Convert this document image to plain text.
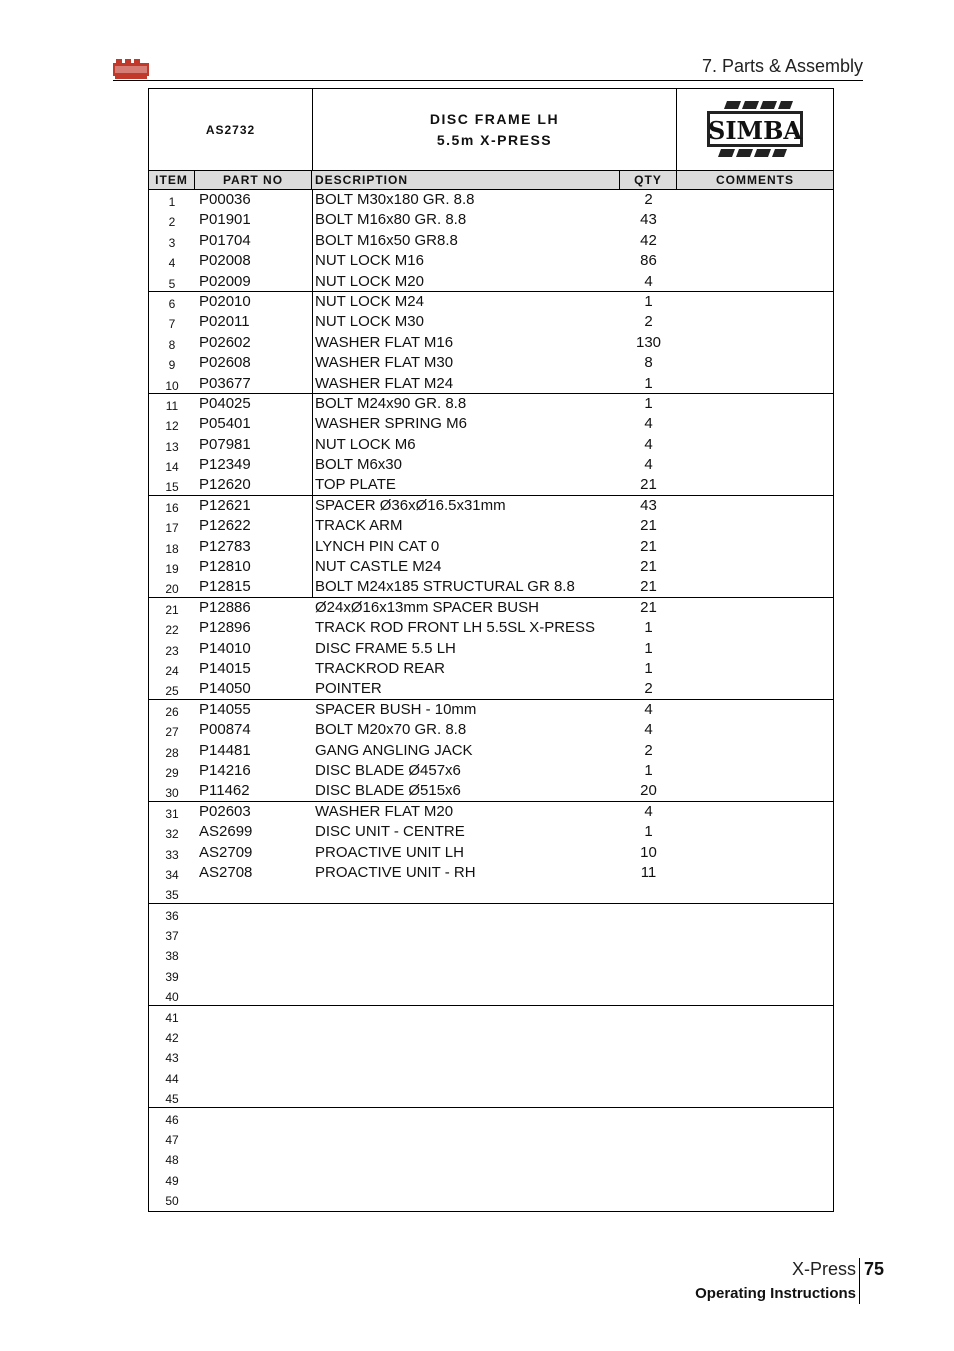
7. Parts & Assembly
AS2732
DISC FRAME LH
5.5m X-PRESS	SIMBA
ITEM	PART NO	DESCRIPTION	QTY	COMMENTS
1	P00036	BOLT M30x180 GR. 8.8	2
2	P01901	BOLT M16x80 GR. 8.8	43
3	P01704	BOLT M16x50 GR8.8	42
4	P02008	NUT LOCK M16	86
5	P02009	NUT LOCK M20	4
6	P02010	NUT LOCK M24	1
7	P02011	NUT LOCK M30	2
8	P02602	WASHER FLAT M16	130
9	P02608	WASHER FLAT M30	8
10	P03677	WASHER FLAT M24	1
11	P04025	BOLT M24x90 GR. 8.8	1
12	P05401	WASHER SPRING M6	4
13	P07981	NUT LOCK M6	4
14	P12349	BOLT M6x30	4
15	P12620	TOP PLATE	21
16	P12621	SPACER Ø36xØ16.5x31mm	43
17	P12622	TRACK ARM	21
18	P12783	LYNCH PIN CAT 0	21
19	P12810	NUT CASTLE M24	21
20	P12815	BOLT M24x185 STRUCTURAL GR 8.8	21
21	P12886	Ø24xØ16x13mm SPACER BUSH	21
22	P12896	TRACK ROD FRONT LH 5.5SL X-PRESS	1
23	P14010	DISC FRAME 5.5 LH	1
24	P14015	TRACKROD REAR	1
25	P14050	POINTER	2
26	P14055	SPACER BUSH - 10mm	4
27	P00874	BOLT M20x70 GR. 8.8	4
28	P14481	GANG ANGLING JACK	2
29	P14216	DISC BLADE Ø457x6	1
30	P11462	DISC BLADE Ø515x6	20
31	P02603	WASHER FLAT M20	4
32	AS2699	DISC UNIT - CENTRE	1
33	AS2709	PROACTIVE UNIT LH	10
34	AS2708	PROACTIVE UNIT - RH	11
35
36
37
38
39
40
41
42
43
44
45
46
47
48
49
50
X-Press 75
Operating Instructions
